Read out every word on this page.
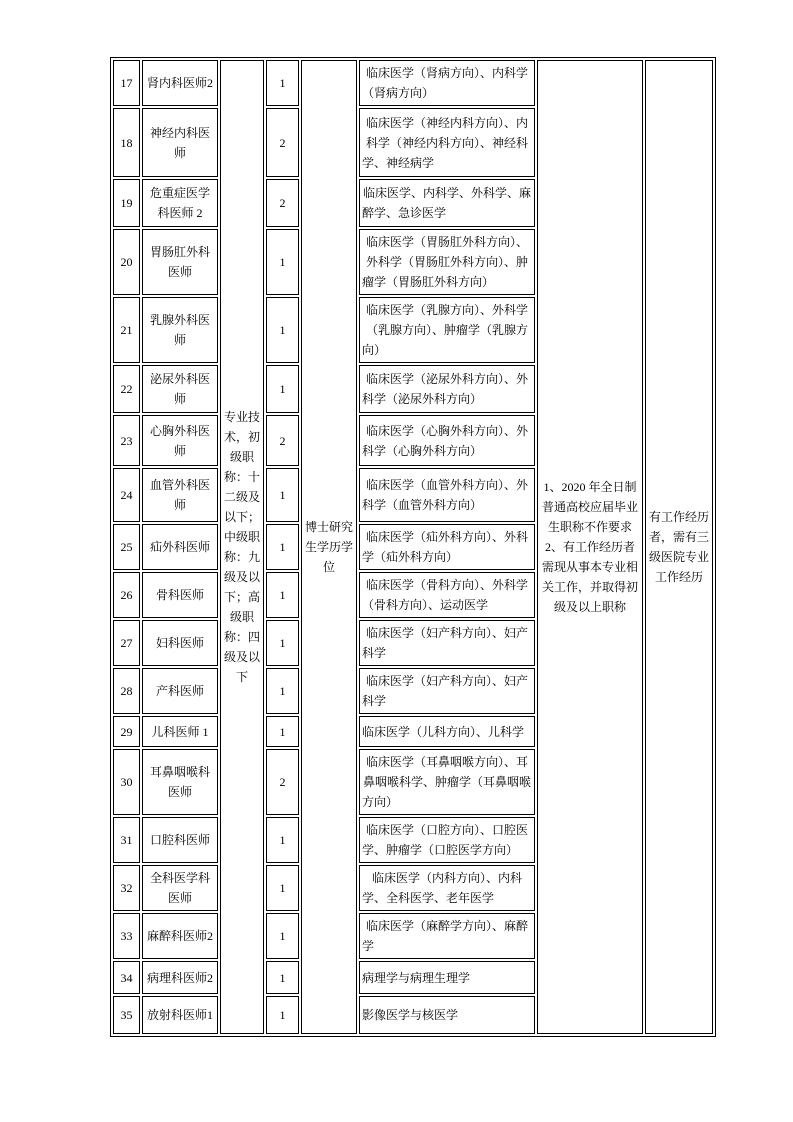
17	肾内科医师2	专业技术，初级职称：十二级及以下；中级职称：九级及以下；高级职称：四级及以下	1	博士研究生学历学位	临床医学（肾病方向）、内科学（肾病方向）	1、2020 年全日制普通高校应届毕业生职称不作要求 2、有工作经历者需现从事本专业相关工作，并取得初级及以上职称	有工作经历者，需有三级医院专业工作经历
18	神经内科医师		2		临床医学（神经内科方向）、内科学（神经内科方向）、神经科学、神经病学		
19	危重症医学科医师 2		2		临床医学、内科学、外科学、麻醉学、急诊医学		
20	胃肠肛外科医师		1		临床医学（胃肠肛外科方向）、外科学（胃肠肛外科方向）、肿瘤学（胃肠肛外科方向）		
21	乳腺外科医师		1		临床医学（乳腺方向）、外科学（乳腺方向）、肿瘤学（乳腺方向）		
22	泌尿外科医师		1		临床医学（泌尿外科方向）、外科学（泌尿外科方向）		
23	心胸外科医师		2		临床医学（心胸外科方向）、外科学（心胸外科方向）		
24	血管外科医师		1		临床医学（血管外科方向）、外科学（血管外科方向）		
25	疝外科医师		1		临床医学（疝外科方向）、外科学（疝外科方向）		
26	骨科医师		1		临床医学（骨科方向）、外科学（骨科方向）、运动医学		
27	妇科医师		1		临床医学（妇产科方向）、妇产科学		
28	产科医师		1		临床医学（妇产科方向）、妇产科学		
29	儿科医师 1		1		临床医学（儿科方向）、儿科学		
30	耳鼻咽喉科医师		2		临床医学（耳鼻咽喉方向）、耳鼻咽喉科学、肿瘤学（耳鼻咽喉方向）		
31	口腔科医师		1		临床医学（口腔方向）、口腔医学、肿瘤学（口腔医学方向）		
32	全科医学科医师		1		临床医学（内科方向）、内科学、全科医学、老年医学		
33	麻醉科医师2		1		临床医学（麻醉学方向）、麻醉学		
34	病理科医师2		1		病理学与病理生理学		
35	放射科医师1		1		影像医学与核医学		
